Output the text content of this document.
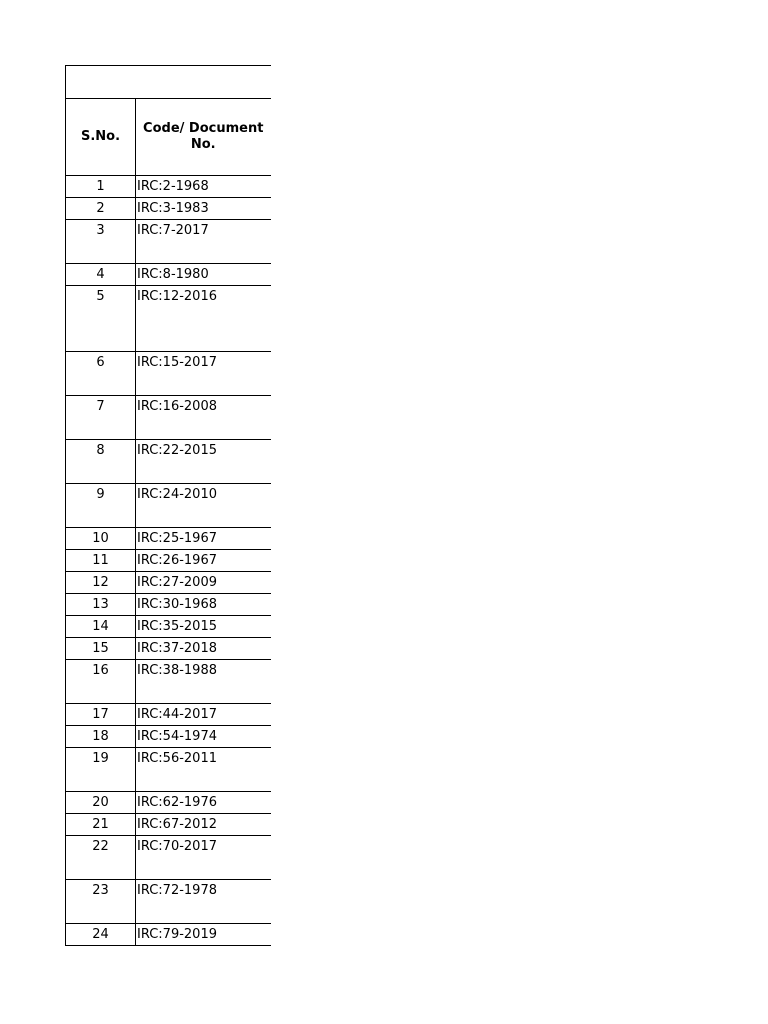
S.No.	Code/ Document No.
1	IRC:2-1968
2	IRC:3-1983
3	IRC:7-2017
4	IRC:8-1980
5	IRC:12-2016
6	IRC:15-2017
7	IRC:16-2008
8	IRC:22-2015
9	IRC:24-2010
10	IRC:25-1967
11	IRC:26-1967
12	IRC:27-2009
13	IRC:30-1968
14	IRC:35-2015
15	IRC:37-2018
16	IRC:38-1988
17	IRC:44-2017
18	IRC:54-1974
19	IRC:56-2011
20	IRC:62-1976
21	IRC:67-2012
22	IRC:70-2017
23	IRC:72-1978
24	IRC:79-2019
